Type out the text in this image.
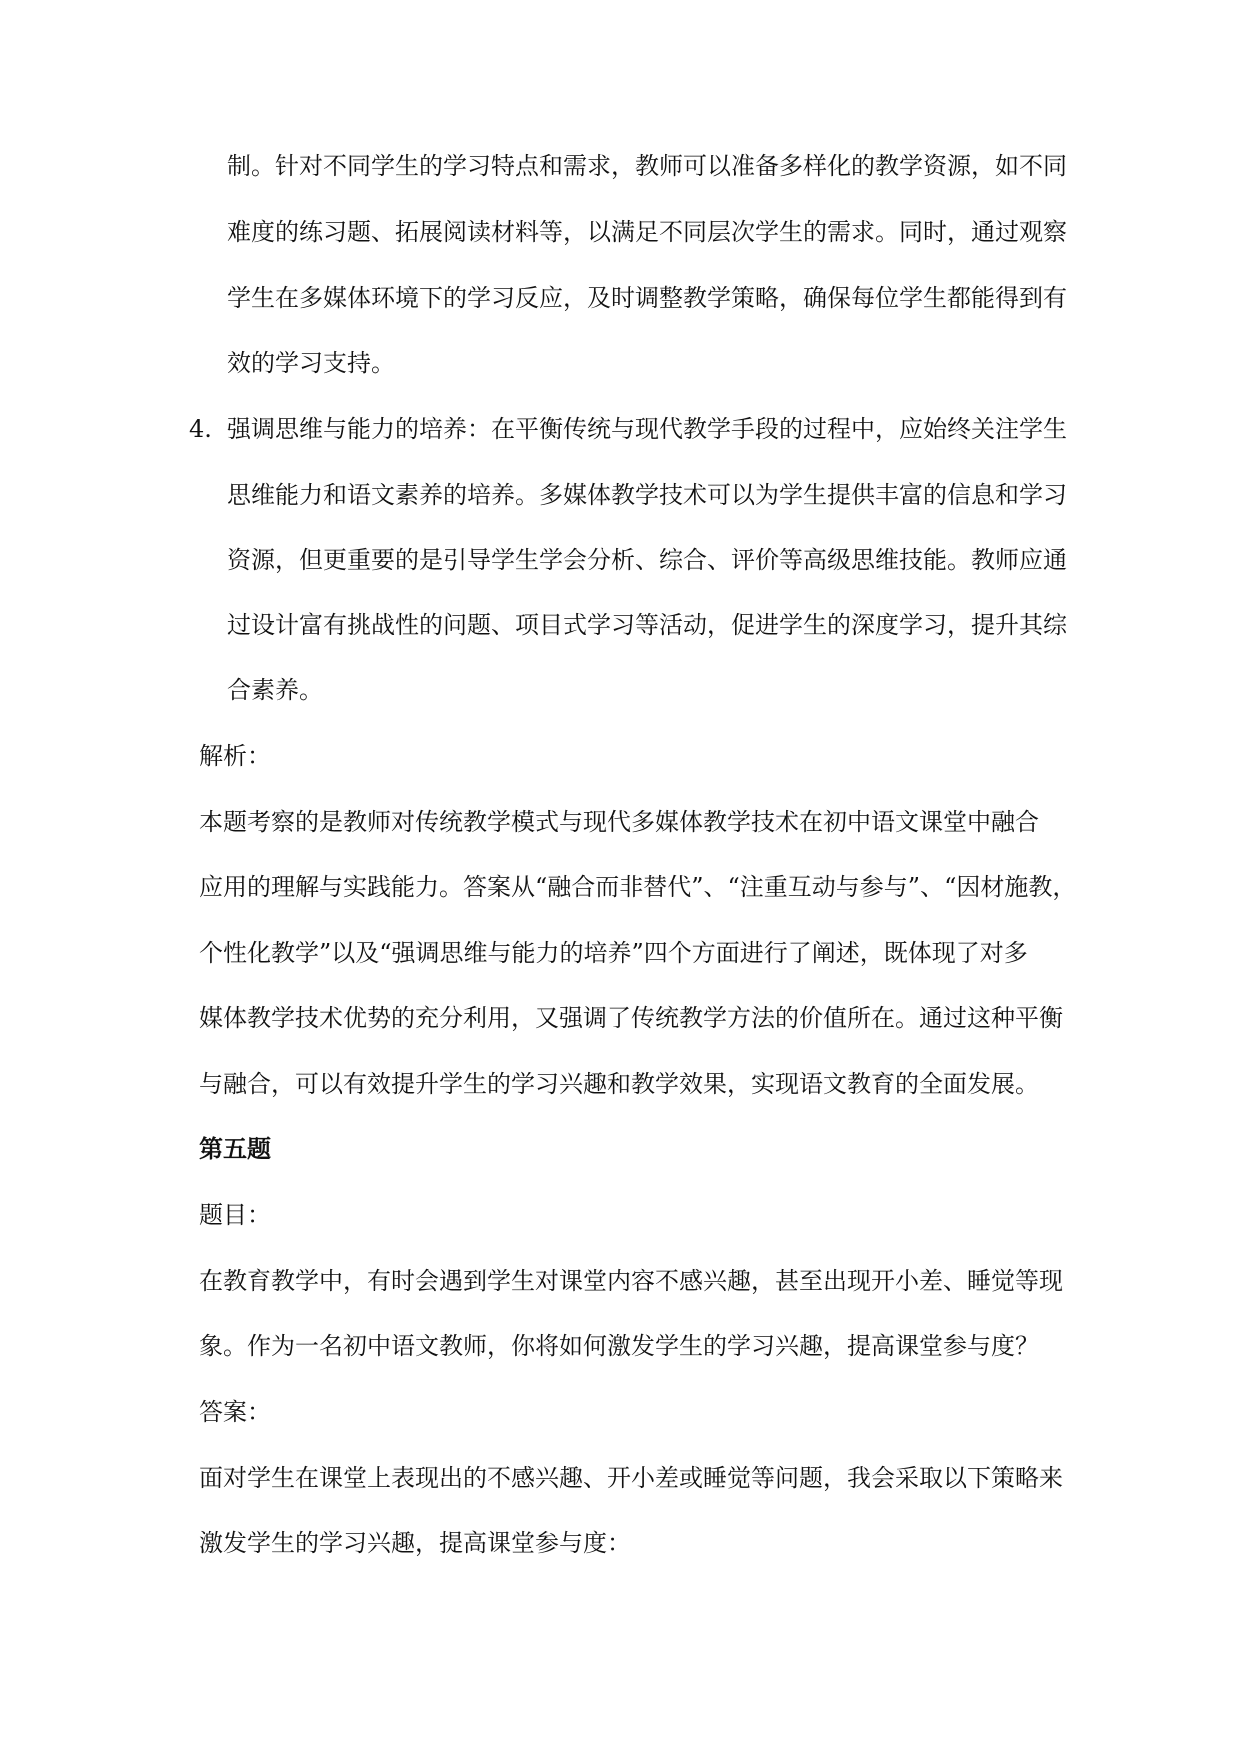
制。针对不同学生的学习特点和需求，教师可以准备多样化的教学资源，如不同
难度的练习题、拓展阅读材料等，以满足不同层次学生的需求。同时，通过观察
学生在多媒体环境下的学习反应，及时调整教学策略，确保每位学生都能得到有
效的学习支持。
4. 强调思维与能力的培养：在平衡传统与现代教学手段的过程中，应始终关注学生
思维能力和语文素养的培养。多媒体教学技术可以为学生提供丰富的信息和学习
资源，但更重要的是引导学生学会分析、综合、评价等高级思维技能。教师应通
过设计富有挑战性的问题、项目式学习等活动，促进学生的深度学习，提升其综
合素养。
解析：
本题考察的是教师对传统教学模式与现代多媒体教学技术在初中语文课堂中融合
应用的理解与实践能力。答案从“融合而非替代”、“注重互动与参与”、“因材施教，
个性化教学”以及“强调思维与能力的培养”四个方面进行了阐述，既体现了对多
媒体教学技术优势的充分利用，又强调了传统教学方法的价值所在。通过这种平衡
与融合，可以有效提升学生的学习兴趣和教学效果，实现语文教育的全面发展。
第五题
题目：
在教育教学中，有时会遇到学生对课堂内容不感兴趣，甚至出现开小差、睡觉等现
象。作为一名初中语文教师，你将如何激发学生的学习兴趣，提高课堂参与度？
答案：
面对学生在课堂上表现出的不感兴趣、开小差或睡觉等问题，我会采取以下策略来
激发学生的学习兴趣，提高课堂参与度：
